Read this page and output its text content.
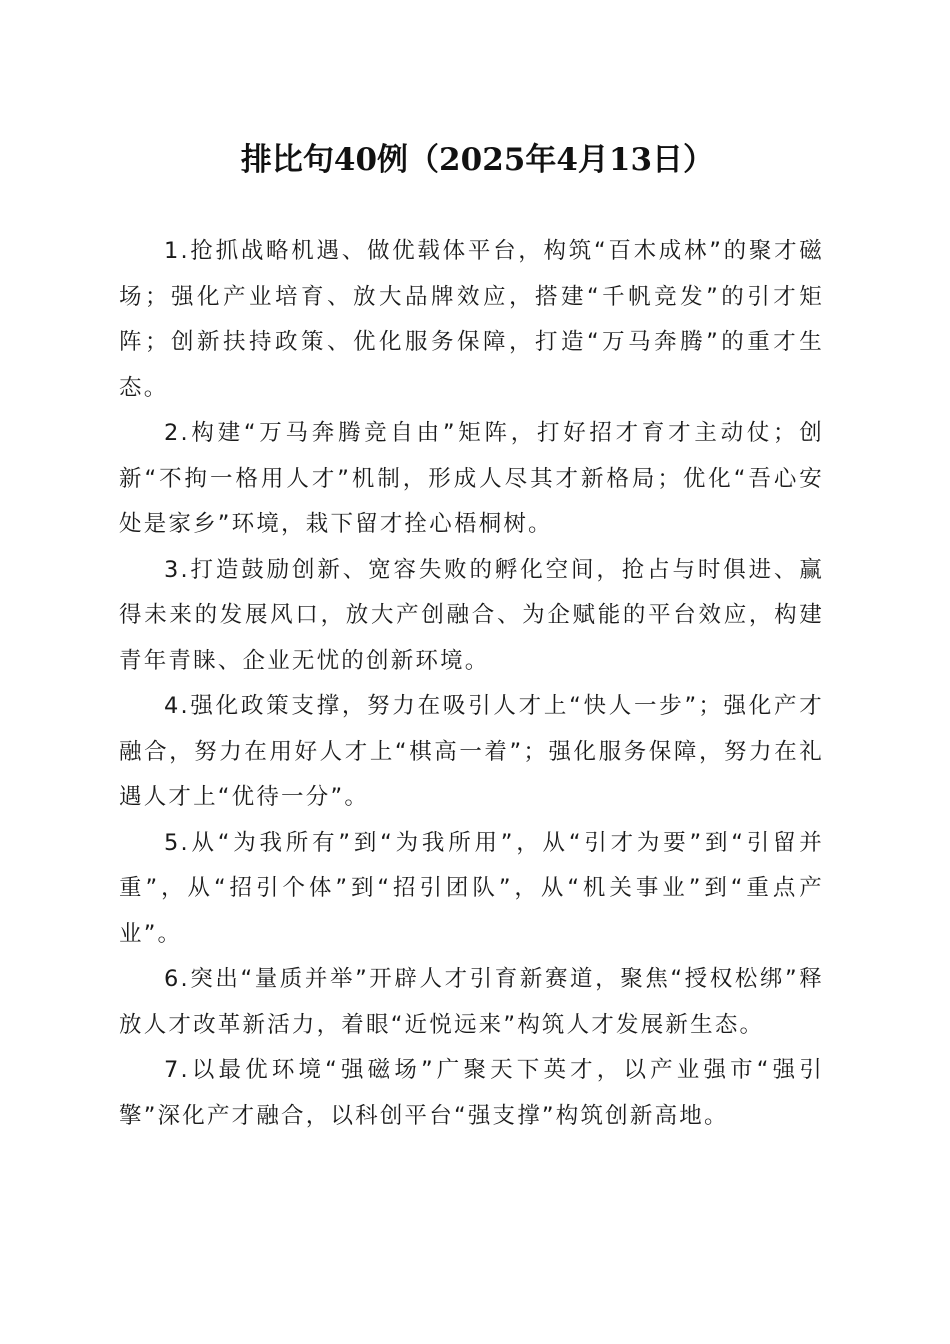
排比句40例（2025年4月13日）

1.抢抓战略机遇、做优载体平台，构筑“百木成林”的聚才磁场；强化产业培育、放大品牌效应，搭建“千帆竞发”的引才矩阵；创新扶持政策、优化服务保障，打造“万马奔腾”的重才生态。

2.构建“万马奔腾竞自由”矩阵，打好招才育才主动仗；创新“不拘一格用人才”机制，形成人尽其才新格局；优化“吾心安处是家乡”环境，栽下留才拴心梧桐树。

3.打造鼓励创新、宽容失败的孵化空间，抢占与时俱进、赢得未来的发展风口，放大产创融合、为企赋能的平台效应，构建青年青睐、企业无忧的创新环境。

4.强化政策支撑，努力在吸引人才上“快人一步”；强化产才融合，努力在用好人才上“棋高一着”；强化服务保障，努力在礼遇人才上“优待一分”。

5.从“为我所有”到“为我所用”，从“引才为要”到“引留并重”，从“招引个体”到“招引团队”，从“机关事业”到“重点产业”。

6.突出“量质并举”开辟人才引育新赛道，聚焦“授权松绑”释放人才改革新活力，着眼“近悦远来”构筑人才发展新生态。

7.以最优环境“强磁场”广聚天下英才，以产业强市“强引擎”深化产才融合，以科创平台“强支撑”构筑创新高地。
